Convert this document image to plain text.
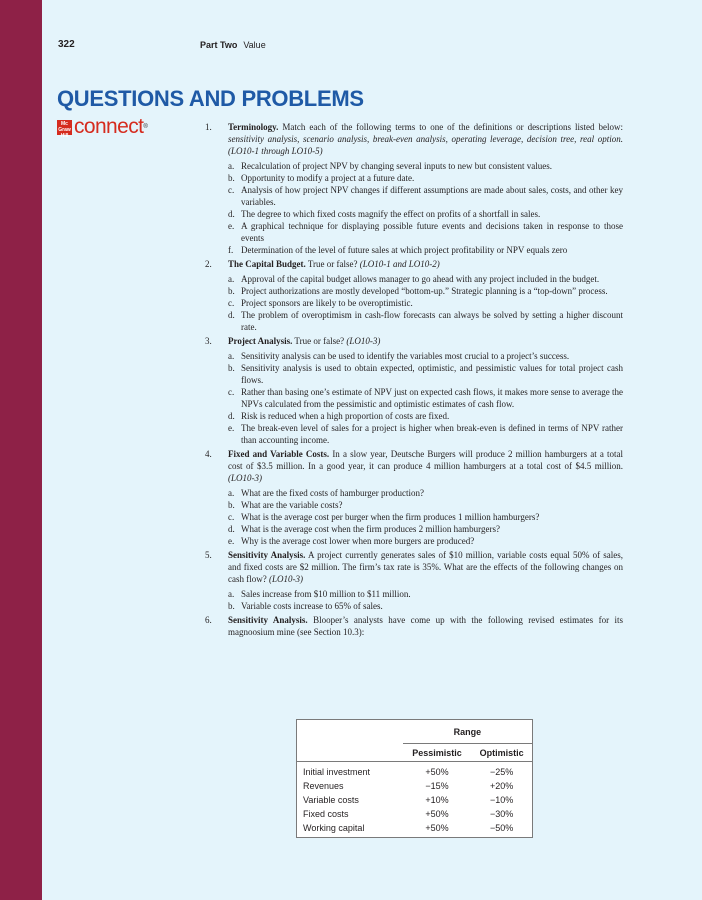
322	Part Two Value
QUESTIONS AND PROBLEMS
Mc Graw Hill connect®	1. Terminology. Match each of the following terms to one of the definitions or descriptions listed below: sensitivity analysis, scenario analysis, break-even analysis, operating leverage, decision tree, real option. (LO10-1 through LO10-5)
a. Recalculation of project NPV by changing several inputs to new but consistent values.
b. Opportunity to modify a project at a future date.
c. Analysis of how project NPV changes if different assumptions are made about sales, costs, and other key variables.
d. The degree to which fixed costs magnify the effect on profits of a shortfall in sales.
e. A graphical technique for displaying possible future events and decisions taken in response to those events
f. Determination of the level of future sales at which project profitability or NPV equals zero
2. The Capital Budget. True or false? (LO10-1 and LO10-2)
a. Approval of the capital budget allows manager to go ahead with any project included in the budget.
b. Project authorizations are mostly developed “bottom-up.” Strategic planning is a “top-down” process.
c. Project sponsors are likely to be overoptimistic.
d. The problem of overoptimism in cash-flow forecasts can always be solved by setting a higher discount rate.
3. Project Analysis. True or false? (LO10-3)
a. Sensitivity analysis can be used to identify the variables most crucial to a project’s success.
b. Sensitivity analysis is used to obtain expected, optimistic, and pessimistic values for total project cash flows.
c. Rather than basing one’s estimate of NPV just on expected cash flows, it makes more sense to average the NPVs calculated from the pessimistic and optimistic estimates of cash flow.
d. Risk is reduced when a high proportion of costs are fixed.
e. The break-even level of sales for a project is higher when break-even is defined in terms of NPV rather than accounting income.
4. Fixed and Variable Costs. In a slow year, Deutsche Burgers will produce 2 million hamburgers at a total cost of $3.5 million. In a good year, it can produce 4 million hamburgers at a total cost of $4.5 million. (LO10-3)
a. What are the fixed costs of hamburger production?
b. What are the variable costs?
c. What is the average cost per burger when the firm produces 1 million hamburgers?
d. What is the average cost when the firm produces 2 million hamburgers?
e. Why is the average cost lower when more burgers are produced?
5. Sensitivity Analysis. A project currently generates sales of $10 million, variable costs equal 50% of sales, and fixed costs are $2 million. The firm’s tax rate is 35%. What are the effects of the following changes on cash flow? (LO10-3)
a. Sales increase from $10 million to $11 million.
b. Variable costs increase to 65% of sales.
6. Sensitivity Analysis. Blooper’s analysts have come up with the following revised estimates for its magnoosium mine (see Section 10.3):
	Range	
	Pessimistic	Optimistic
Initial investment	+50%	−25%
Revenues	−15%	+20%
Variable costs	+10%	−10%
Fixed costs	+50%	−30%
Working capital	+50%	−50%
